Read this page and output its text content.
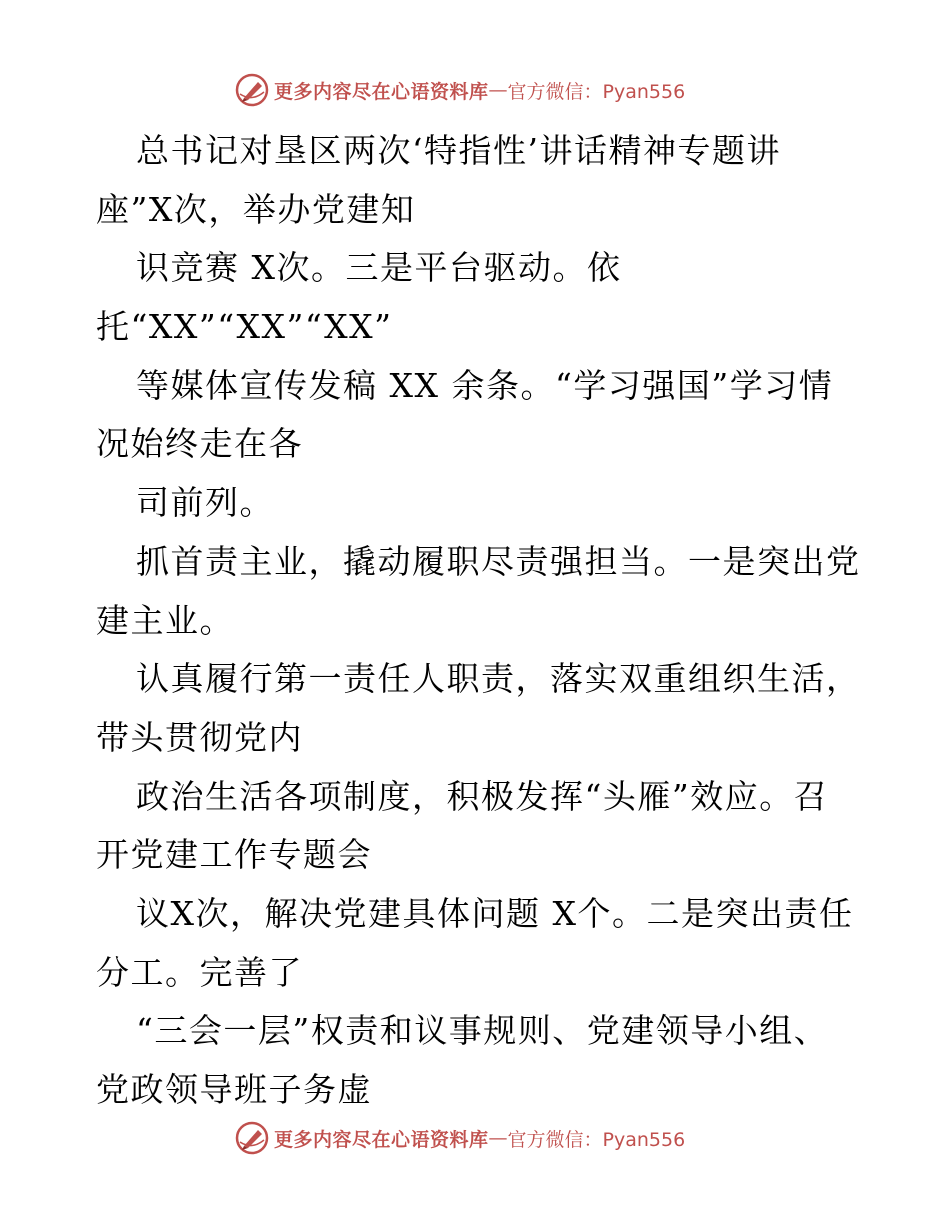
更多内容尽在心语资料库 — 官方微信：Pyan556
总书记对垦区两次‘特指性’讲话精神专题讲
座”X次，举办党建知
识竞赛 X次。三是平台驱动。依
托“XX”“XX”“XX”
等媒体宣传发稿 XX 余条。“学习强国”学习情
况始终走在各
司前列。
抓首责主业，撬动履职尽责强担当。一是突出党
建主业。
认真履行第一责任人职责，落实双重组织生活，
带头贯彻党内
政治生活各项制度，积极发挥“头雁”效应。召
开党建工作专题会
议X次，解决党建具体问题 X个。二是突出责任
分工。完善了
“三会一层”权责和议事规则、党建领导小组、
党政领导班子务虚
更多内容尽在心语资料库 — 官方微信：Pyan556
